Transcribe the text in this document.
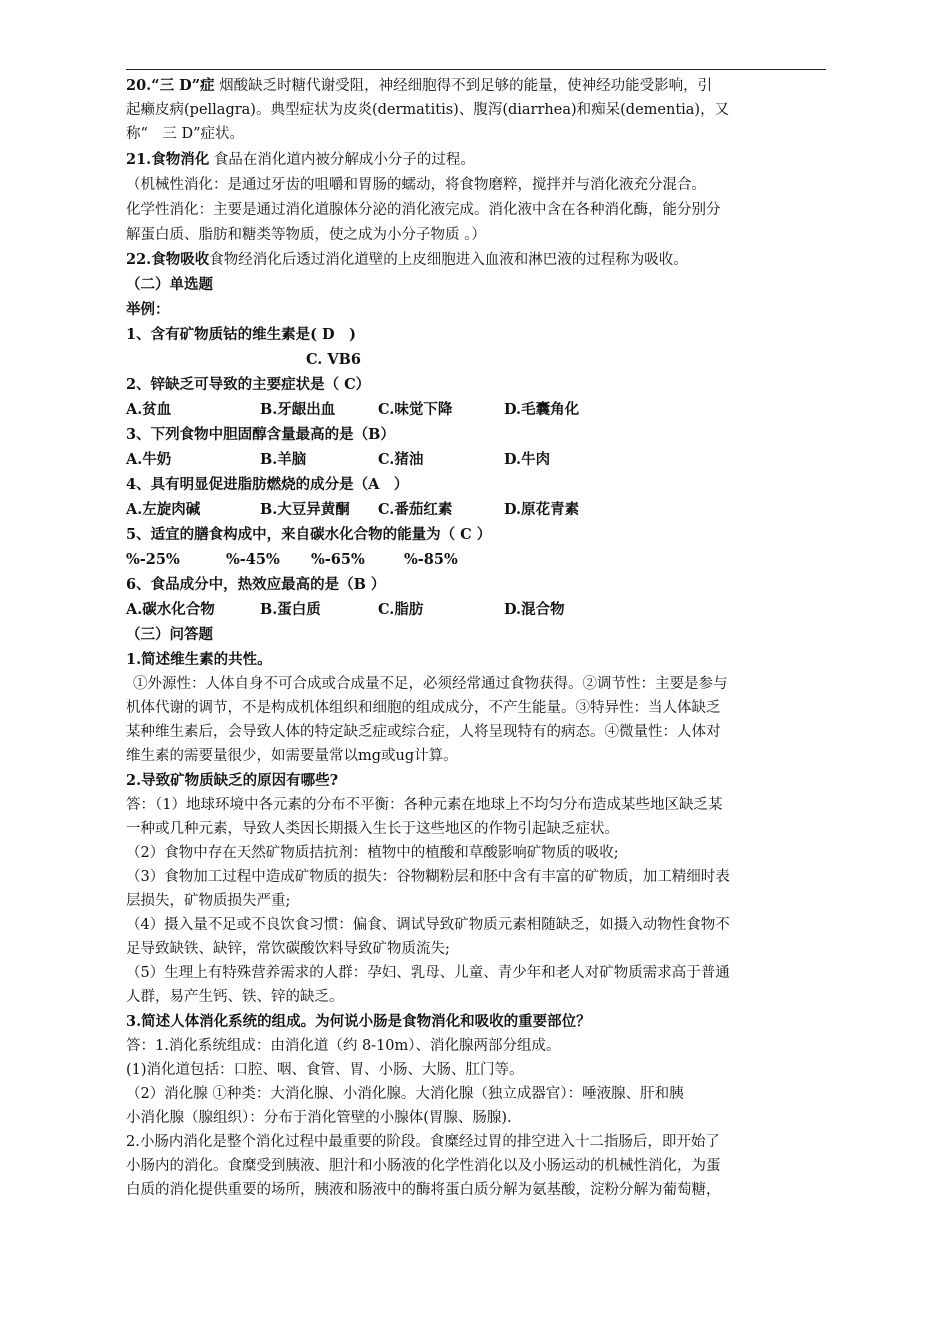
20.“三 D”症 烟酸缺乏时糖代谢受阻，神经细胞得不到足够的能量，使神经功能受影响，引
起癞皮病(pellagra)。典型症状为皮炎(dermatitis)、腹泻(diarrhea)和痴呆(dementia)，又
称“　三 D”症状。
21.食物消化 食品在消化道内被分解成小分子的过程。
（机械性消化：是通过牙齿的咀嚼和胃肠的蠕动，将食物磨粹，搅拌并与消化液充分混合。
化学性消化：主要是通过消化道腺体分泌的消化液完成。消化液中含在各种消化酶，能分别分
解蛋白质、脂肪和糖类等物质，使之成为小分子物质 。）
22.食物吸收食物经消化后透过消化道壁的上皮细胞进入血液和淋巴液的过程称为吸收。
（二）单选题
举例：
1、含有矿物质钴的维生素是( D　)
C. VB6
2、锌缺乏可导致的主要症状是（ C）
A.贫血	B.牙龈出血	C.味觉下降	D.毛囊角化
3、下列食物中胆固醇含量最高的是（B）
A.牛奶	B.羊脑	C.猪油	D.牛肉
4、具有明显促进脂肪燃烧的成分是（A　）
A.左旋肉碱	B.大豆异黄酮 C.番茄红素	D.原花青素
5、适宜的膳食构成中，来自碳水化合物的能量为（ C ）
%-25%	%-45% %-65%	%-85%
6、食品成分中，热效应最高的是（B ）
A.碳水化合物	B.蛋白质	C.脂肪	D.混合物
（三）问答题
1.简述维生素的共性。
①外源性：人体自身不可合成或合成量不足，必须经常通过食物获得。②调节性：主要是参与
机体代谢的调节，不是构成机体组织和细胞的组成成分，不产生能量。③特异性：当人体缺乏
某种维生素后，会导致人体的特定缺乏症或综合症，人将呈现特有的病态。④微量性：人体对
维生素的需要量很少，如需要量常以mg或ug计算。
2.导致矿物质缺乏的原因有哪些?
答：（1）地球环境中各元素的分布不平衡：各种元素在地球上不均匀分布造成某些地区缺乏某
一种或几种元素，导致人类因长期摄入生长于这些地区的作物引起缺乏症状。
（2）食物中存在天然矿物质拮抗剂：植物中的植酸和草酸影响矿物质的吸收;
（3）食物加工过程中造成矿物质的损失：谷物糊粉层和胚中含有丰富的矿物质，加工精细时表
层损失，矿物质损失严重;
（4）摄入量不足或不良饮食习惯：偏食、调试导致矿物质元素相随缺乏，如摄入动物性食物不
足导致缺铁、缺锌，常饮碳酸饮料导致矿物质流失;
（5）生理上有特殊营养需求的人群：孕妇、乳母、儿童、青少年和老人对矿物质需求高于普通
人群，易产生钙、铁、锌的缺乏。
3.简述人体消化系统的组成。为何说小肠是食物消化和吸收的重要部位？
答：1.消化系统组成：由消化道（约 8-10m）、消化腺两部分组成。
(1)消化道包括：口腔、咽、食管、胃、小肠、大肠、肛门等。
（2）消化腺 ①种类：大消化腺、小消化腺。大消化腺（独立成器官）：唾液腺、肝和胰
小消化腺（腺组织）：分布于消化管壁的小腺体(胃腺、肠腺).
2.小肠内消化是整个消化过程中最重要的阶段。食糜经过胃的排空进入十二指肠后，即开始了
小肠内的消化。食糜受到胰液、胆汁和小肠液的化学性消化以及小肠运动的机械性消化，为蛋
白质的消化提供重要的场所，胰液和肠液中的酶将蛋白质分解为氨基酸，淀粉分解为葡萄糖，
